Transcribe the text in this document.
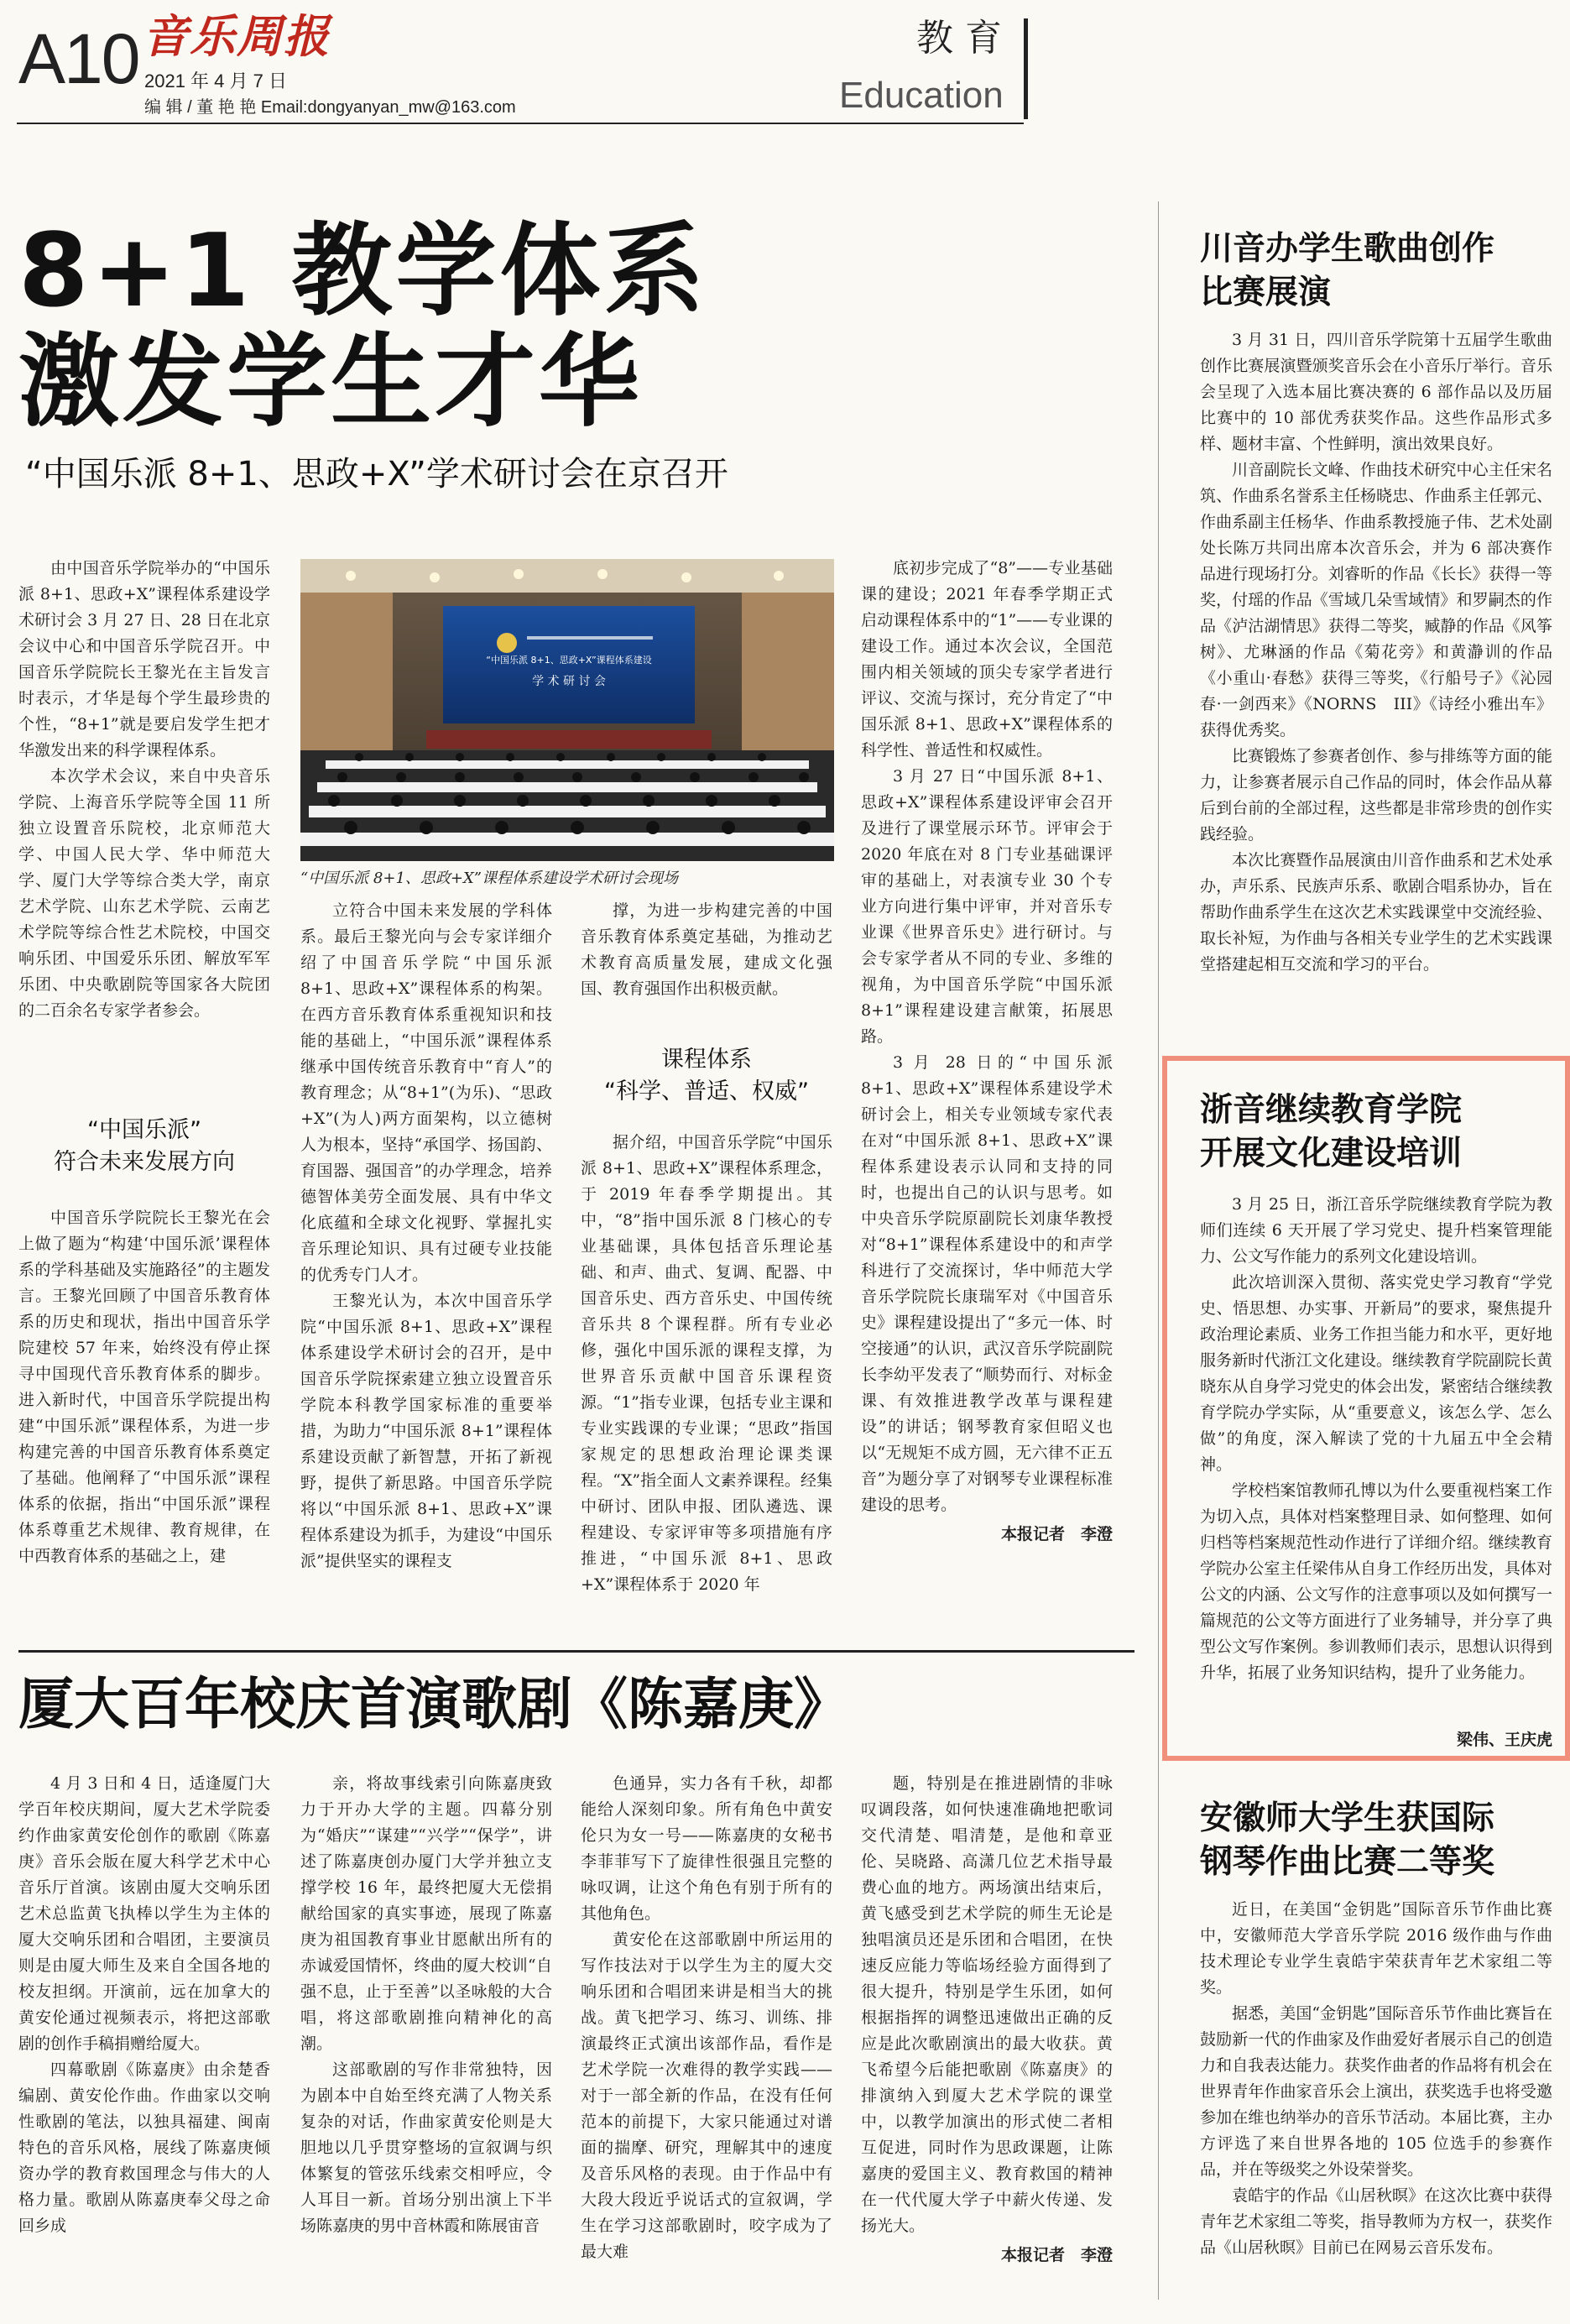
A10 音乐周报
2021 年 4 月 7 日
编 辑 / 董 艳 艳 Email:dongyanyan_mw@163.com
教育
Education
8+1 教学体系
激发学生才华
“中国乐派 8+1、思政+X”学术研讨会在京召开

由中国音乐学院举办的“中国乐派 8+1、思政+X”课程体系建设学术研讨会 3 月 27 日、28 日在北京会议中心和中国音乐学院召开。中国音乐学院院长王黎光在主旨发言时表示，才华是每个学生最珍贵的个性，“8+1”就是要启发学生把才华激发出来的科学课程体系。

本次学术会议，来自中央音乐学院、上海音乐学院等全国 11 所独立设置音乐院校，北京师范大学、中国人民大学、华中师范大学、厦门大学等综合类大学，南京艺术学院、山东艺术学院、云南艺术学院等综合性艺术院校，中国交响乐团、中国爱乐乐团、解放军军乐团、中央歌剧院等国家各大院团的二百余名专家学者参会。

“中国乐派”
符合未来发展方向

中国音乐学院院长王黎光在会上做了题为“构建‘中国乐派’课程体系的学科基础及实施路径”的主题发言。王黎光回顾了中国音乐教育体系的历史和现状，指出中国音乐学院建校 57 年来，始终没有停止探寻中国现代音乐教育体系的脚步。进入新时代，中国音乐学院提出构建“中国乐派”课程体系，为进一步构建完善的中国音乐教育体系奠定了基础。他阐释了“中国乐派”课程体系的依据，指出“中国乐派”课程体系尊重艺术规律、教育规律，在中西教育体系的基础之上，建

“中国乐派 8+1、思政+X”课程体系建设
学 术 研 讨 会
“中国乐派 8+1、思政+X”课程体系建设学术研讨会现场

立符合中国未来发展的学科体系。最后王黎光向与会专家详细介绍了中国音乐学院“中国乐派 8+1、思政+X”课程体系的构架。在西方音乐教育体系重视知识和技能的基础上，“中国乐派”课程体系继承中国传统音乐教育中“育人”的教育理念；从“8+1”(为乐)、“思政+X”(为人)两方面架构，以立德树人为根本，坚持“承国学、扬国韵、育国器、强国音”的办学理念，培养德智体美劳全面发展、具有中华文化底蕴和全球文化视野、掌握扎实音乐理论知识、具有过硬专业技能的优秀专门人才。

王黎光认为，本次中国音乐学院“中国乐派 8+1、思政+X”课程体系建设学术研讨会的召开，是中国音乐学院探索建立独立设置音乐学院本科教学国家标准的重要举措，为助力“中国乐派 8+1”课程体系建设贡献了新智慧，开拓了新视野，提供了新思路。中国音乐学院将以“中国乐派 8+1、思政+X”课程体系建设为抓手，为建设“中国乐派”提供坚实的课程支

撑，为进一步构建完善的中国音乐教育体系奠定基础，为推动艺术教育高质量发展，建成文化强国、教育强国作出积极贡献。

课程体系
“科学、普适、权威”

据介绍，中国音乐学院“中国乐派 8+1、思政+X”课程体系理念，于 2019 年春季学期提出。其中，“8”指中国乐派 8 门核心的专业基础课，具体包括音乐理论基础、和声、曲式、复调、配器、中国音乐史、西方音乐史、中国传统音乐共 8 个课程群。所有专业必修，强化中国乐派的课程支撑，为世界音乐贡献中国音乐课程资源。“1”指专业课，包括专业主课和专业实践课的专业课；“思政”指国家规定的思想政治理论课类课程。“X”指全面人文素养课程。经集中研讨、团队申报、团队遴选、课程建设、专家评审等多项措施有序推进，“中国乐派 8+1、思政+X”课程体系于 2020 年

底初步完成了“8”——专业基础课的建设；2021 年春季学期正式启动课程体系中的“1”——专业课的建设工作。通过本次会议，全国范围内相关领域的顶尖专家学者进行评议、交流与探讨，充分肯定了“中国乐派 8+1、思政+X”课程体系的科学性、普适性和权威性。

3 月 27 日“中国乐派 8+1、思政+X”课程体系建设评审会召开及进行了课堂展示环节。评审会于 2020 年底在对 8 门专业基础课评审的基础上，对表演专业 30 个专业方向进行集中评审，并对音乐专业课《世界音乐史》进行研讨。与会专家学者从不同的专业、多维的视角，为中国音乐学院“中国乐派 8+1”课程建设建言献策，拓展思路。

3 月 28 日的“中国乐派 8+1、思政+X”课程体系建设学术研讨会上，相关专业领域专家代表在对“中国乐派 8+1、思政+X”课程体系建设表示认同和支持的同时，也提出自己的认识与思考。如中央音乐学院原副院长刘康华教授对“8+1”课程体系建设中的和声学科进行了交流探讨，华中师范大学音乐学院院长康瑞军对《中国音乐史》课程建设提出了“多元一体、时空接通”的认识，武汉音乐学院副院长李幼平发表了“顺势而行、对标金课、有效推进教学改革与课程建设”的讲话；钢琴教育家但昭义也以“无规矩不成方圆，无六律不正五音”为题分享了对钢琴专业课程标准建设的思考。

本报记者　李澄
厦大百年校庆首演歌剧《陈嘉庚》

4 月 3 日和 4 日，适逢厦门大学百年校庆期间，厦大艺术学院委约作曲家黄安伦创作的歌剧《陈嘉庚》音乐会版在厦大科学艺术中心音乐厅首演。该剧由厦大交响乐团艺术总监黄飞执棒以学生为主体的厦大交响乐团和合唱团，主要演员则是由厦大师生及来自全国各地的校友担纲。开演前，远在加拿大的黄安伦通过视频表示，将把这部歌剧的创作手稿捐赠给厦大。

四幕歌剧《陈嘉庚》由余楚香编剧、黄安伦作曲。作曲家以交响性歌剧的笔法，以独具福建、闽南特色的音乐风格，展线了陈嘉庚倾资办学的教育救国理念与伟大的人格力量。歌剧从陈嘉庚奉父母之命回乡成

亲，将故事线索引向陈嘉庚致力于开办大学的主题。四幕分别为“婚庆”“谋建”“兴学”“保学”，讲述了陈嘉庚创办厦门大学并独立支撑学校 16 年，最终把厦大无偿捐献给国家的真实事迹，展现了陈嘉庚为祖国教育事业甘愿献出所有的赤诚爱国情怀，终曲的厦大校训“自强不息，止于至善”以圣咏般的大合唱，将这部歌剧推向精神化的高潮。

这部歌剧的写作非常独特，因为剧本中自始至终充满了人物关系复杂的对话，作曲家黄安伦则是大胆地以几乎贯穿整场的宣叙调与织体繁复的管弦乐线索交相呼应，令人耳目一新。首场分别出演上下半场陈嘉庚的男中音林霞和陈展宙音

色通异，实力各有千秋，却都能给人深刻印象。所有角色中黄安伦只为女一号——陈嘉庚的女秘书李菲菲写下了旋律性很强且完整的咏叹调，让这个角色有别于所有的其他角色。

黄安伦在这部歌剧中所运用的写作技法对于以学生为主的厦大交响乐团和合唱团来讲是相当大的挑战。黄飞把学习、练习、训练、排演最终正式演出该部作品，看作是艺术学院一次难得的教学实践——对于一部全新的作品，在没有任何范本的前提下，大家只能通过对谱面的揣摩、研究，理解其中的速度及音乐风格的表现。由于作品中有大段大段近乎说话式的宣叙调，学生在学习这部歌剧时，咬字成为了最大难

题，特别是在推进剧情的非咏叹调段落，如何快速准确地把歌词交代清楚、唱清楚，是他和章亚伦、吴晓路、高潇几位艺术指导最费心血的地方。两场演出结束后，黄飞感受到艺术学院的师生无论是独唱演员还是乐团和合唱团，在快速反应能力等临场经验方面得到了很大提升，特别是学生乐团，如何根据指挥的调整迅速做出正确的反应是此次歌剧演出的最大收获。黄飞希望今后能把歌剧《陈嘉庚》的排演纳入到厦大艺术学院的课堂中，以教学加演出的形式使二者相互促进，同时作为思政课题，让陈嘉庚的爱国主义、教育救国的精神在一代代厦大学子中薪火传递、发扬光大。

本报记者　李澄
川音办学生歌曲创作
比赛展演

3 月 31 日，四川音乐学院第十五届学生歌曲创作比赛展演暨颁奖音乐会在小音乐厅举行。音乐会呈现了入选本届比赛决赛的 6 部作品以及历届比赛中的 10 部优秀获奖作品。这些作品形式多样、题材丰富、个性鲜明，演出效果良好。

川音副院长文峰、作曲技术研究中心主任宋名筑、作曲系名誉系主任杨晓忠、作曲系主任郭元、作曲系副主任杨华、作曲系教授施子伟、艺术处副处长陈万共同出席本次音乐会，并为 6 部决赛作品进行现场打分。刘睿昕的作品《长长》获得一等奖，付瑶的作品《雪域几朵雪域情》和罗嗣杰的作品《泸沽湖情思》获得二等奖，臧静的作品《风筝树》、尤琳涵的作品《菊花旁》和黄瀞训的作品《小重山·春愁》获得三等奖，《行船号子》《沁园春·一剑西来》《NORNS　III》《诗经小雅出车》获得优秀奖。

比赛锻炼了参赛者创作、参与排练等方面的能力，让参赛者展示自己作品的同时，体会作品从幕后到台前的全部过程，这些都是非常珍贵的创作实践经验。

本次比赛暨作品展演由川音作曲系和艺术处承办，声乐系、民族声乐系、歌剧合唱系协办，旨在帮助作曲系学生在这次艺术实践课堂中交流经验、取长补短，为作曲与各相关专业学生的艺术实践课堂搭建起相互交流和学习的平台。

浙音继续教育学院
开展文化建设培训

3 月 25 日，浙江音乐学院继续教育学院为教师们连续 6 天开展了学习党史、提升档案管理能力、公文写作能力的系列文化建设培训。

此次培训深入贯彻、落实党史学习教育“学党史、悟思想、办实事、开新局”的要求，聚焦提升政治理论素质、业务工作担当能力和水平，更好地服务新时代浙江文化建设。继续教育学院副院长黄晓东从自身学习党史的体会出发，紧密结合继续教育学院办学实际，从“重要意义，该怎么学、怎么做”的角度，深入解读了党的十九届五中全会精神。

学校档案馆教师孔博以为什么要重视档案工作为切入点，具体对档案整理目录、如何整理、如何归档等档案规范性动作进行了详细介绍。继续教育学院办公室主任梁伟从自身工作经历出发，具体对公文的内涵、公文写作的注意事项以及如何撰写一篇规范的公文等方面进行了业务辅导，并分享了典型公文写作案例。参训教师们表示，思想认识得到升华，拓展了业务知识结构，提升了业务能力。

梁伟、王庆虎
安徽师大学生获国际
钢琴作曲比赛二等奖

近日，在美国“金钥匙”国际音乐节作曲比赛中，安徽师范大学音乐学院 2016 级作曲与作曲技术理论专业学生袁皓宇荣获青年艺术家组二等奖。

据悉，美国“金钥匙”国际音乐节作曲比赛旨在鼓励新一代的作曲家及作曲爱好者展示自己的创造力和自我表达能力。获奖作曲者的作品将有机会在世界青年作曲家音乐会上演出，获奖选手也将受邀参加在维也纳举办的音乐节活动。本届比赛，主办方评选了来自世界各地的 105 位选手的参赛作品，并在等级奖之外设荣誉奖。

袁皓宇的作品《山居秋暝》在这次比赛中获得青年艺术家组二等奖，指导教师为方权一，获奖作品《山居秋暝》目前已在网易云音乐发布。
